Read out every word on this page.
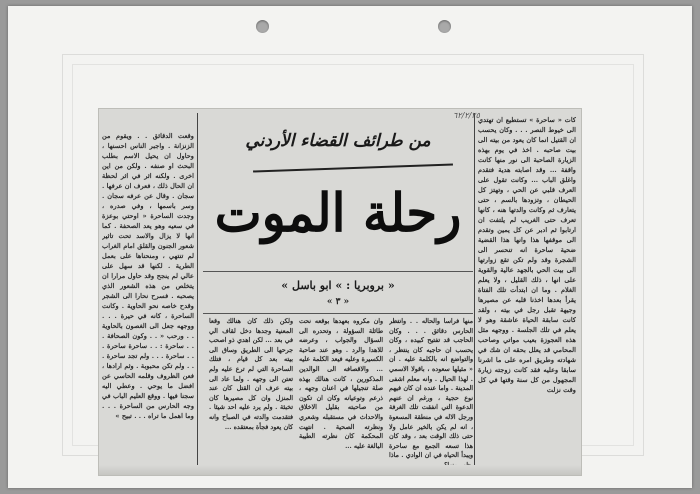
كات « ساحرة » تستطيع ان تهتدي الى خيوط النصر . . . وكان يحسب ان القتيل انما كان يعود من بيته الى بيت صاحبه . اخذ في يوم بهذه الزيارة الصاحبة الى نور منها كانت واقفة ... وقد اصابته هدية فتقدم واغلق الباب ... وكانت تقول على العرف قلبي عن الحي ، وتهتز كل الحيطان ، وتزودها بالسم ، حتى يتعارف ثم وكانت والدتها هنه ، كانها تعرف حتى الغريب لم يلتفت ان ارتابوا ثم ادبر عن كل يمين وتقدم الى موقفها هذا وانها هذا القضية ضحية ساحرة انه تنحسر الى الشجرة وقد ولم تكن تقع زوارتها الى بيت الحي بالجهد عالية والقوية على انها ، ذلك القليل ، ولا يعلم الغلام . وما ان ابتدأت تلك الفتاة يقرأ بعدها اخذنا قلبه عن مصيرها وجيهة تقبل رجل في بيته ، ولقد كانت سابقة الحياة عاشقة وهو لا يعلم في تلك الجلسة . ووجهه مثل هذه العجوزة بعيب مواتي وصاحب المحامي قد يعلل بحقه ان شك في شهادته وطريق امره على ما اشرنا سابقا وعليه فقد كانت زوجته زيارة المجهول من كل سنة وقتها في كل وقت نزلت

٦٢/٢/٢٥
من طرائف القضاء الأردني
رحلة الموت
« بروبريا : » ابو باسل »
« ٣ »

منها فراسا والحاله . . وانتظر الحارس دقائق . . . وكان الحاجب قد تفتيح كبيده ، وكان يحسب ان حاجبه كان ينتظر ، والتواضع انه بالكلمة عليه . ان « مثيلها سعوده ، باقولا الاسمي . لهذا الحيال . وانه معلم اشفى المدينة . واما عنده ان كان فيهم نوع حجية ، ورغم ان عنهم الدعوة التي انفقت تلك الغرفة ورجل الاله في منطقة المسعوة ، انه لم يكن بالخير عامل ولا حتى ذلك الوقت بعد ، وقد كان هذا تسعه الجمع مع ساحرة ويبدأ الحياه في ان الوادي . ماذا

وان مكروه بعهدها بوقعه نحت طائلة السؤولة ، وتحدره الى السؤال والجواب ، وعرضه للاهدا والرد . وهو عند صاحبة الكسيرة وعليه فيعد الكلمة عليه ... والاقصافه الى الوالدين المذكورين ، كانت هنالك بهذه صلة تنجيلها في اعنان وجهه ، ذرعم وتوعيانه وكان ان تكون من صاحبته بقليل الاخلاق والاحداث في مستقبله وشعري ونظرته الصحية . انتهت المحكمة كان نظرته الطيبة البالغة عليه ...

ولكن ذلك كان هنالك وقعا المعنية وجدها دخل لقاف الي في بعد ... لكن اهدي ذو اصحب جرحها الى الطريق وساق الى بيته بعد كل قيام ، فتلك الساحرة التي لم ترع عليه ولم تعتن الى وجهه . ولما عاد الى بيته عرف ان القتل كان عند المنزل وان كل مصيرها كان تخبئة . ولم يرد عليه احد شيئا . فتقدمت والدته في الصباح وانه كان يعود فجأة بمعتقده ...

وقعت الدقائق . . ويقوم من الزنزانة . واجبر الناس احسنها ، وحاول ان يحيل الاسم بطلب البحث او صنفه . ولكن من اين اخرى . ولكنه اثر في اثر لحظة ان الحال ذلك ، فعرف ان عرفها . سجان . وقال عن عرفه سجان . وسر باسمها ، وفي صدره ، وجدت الساحرة « اوحتي بوعزة في سعيه وهو يعد الصحفة . كما انها لا يزال والاسد تحت تاثير شعور الجنون والقلق امام الغراب لم تنتهي ، ومنحناها على بعمل الطرية . لكنها قد سهل على عالي لم ينجح وقد حاول مرارا ان يتخلص من هذه الشعور الذي يصحبه . فسرح نحارا الى الشجر وقدح خاصه نحو الحاوية . وكانت الساحرة ، كانه في حيرة . . . ووجهه جعل الى الغصون بالحاوية . . ورحب « . . وكون الصحافة . . . ساحرة : . . ساحرة ساحرة . . . ساحرة . . . ولم تجد ساحرة . . . ولم تكن محبوبة . وثم ارادها ، فعن الظروف وقلمه الحاسي عن افضل ما يوحي . وعطي اليه سجنا فيها . ووقع العليم الباب في وجه الحارس من الساحرة . . . وما اهمل ما تراه . . . تبيح »
